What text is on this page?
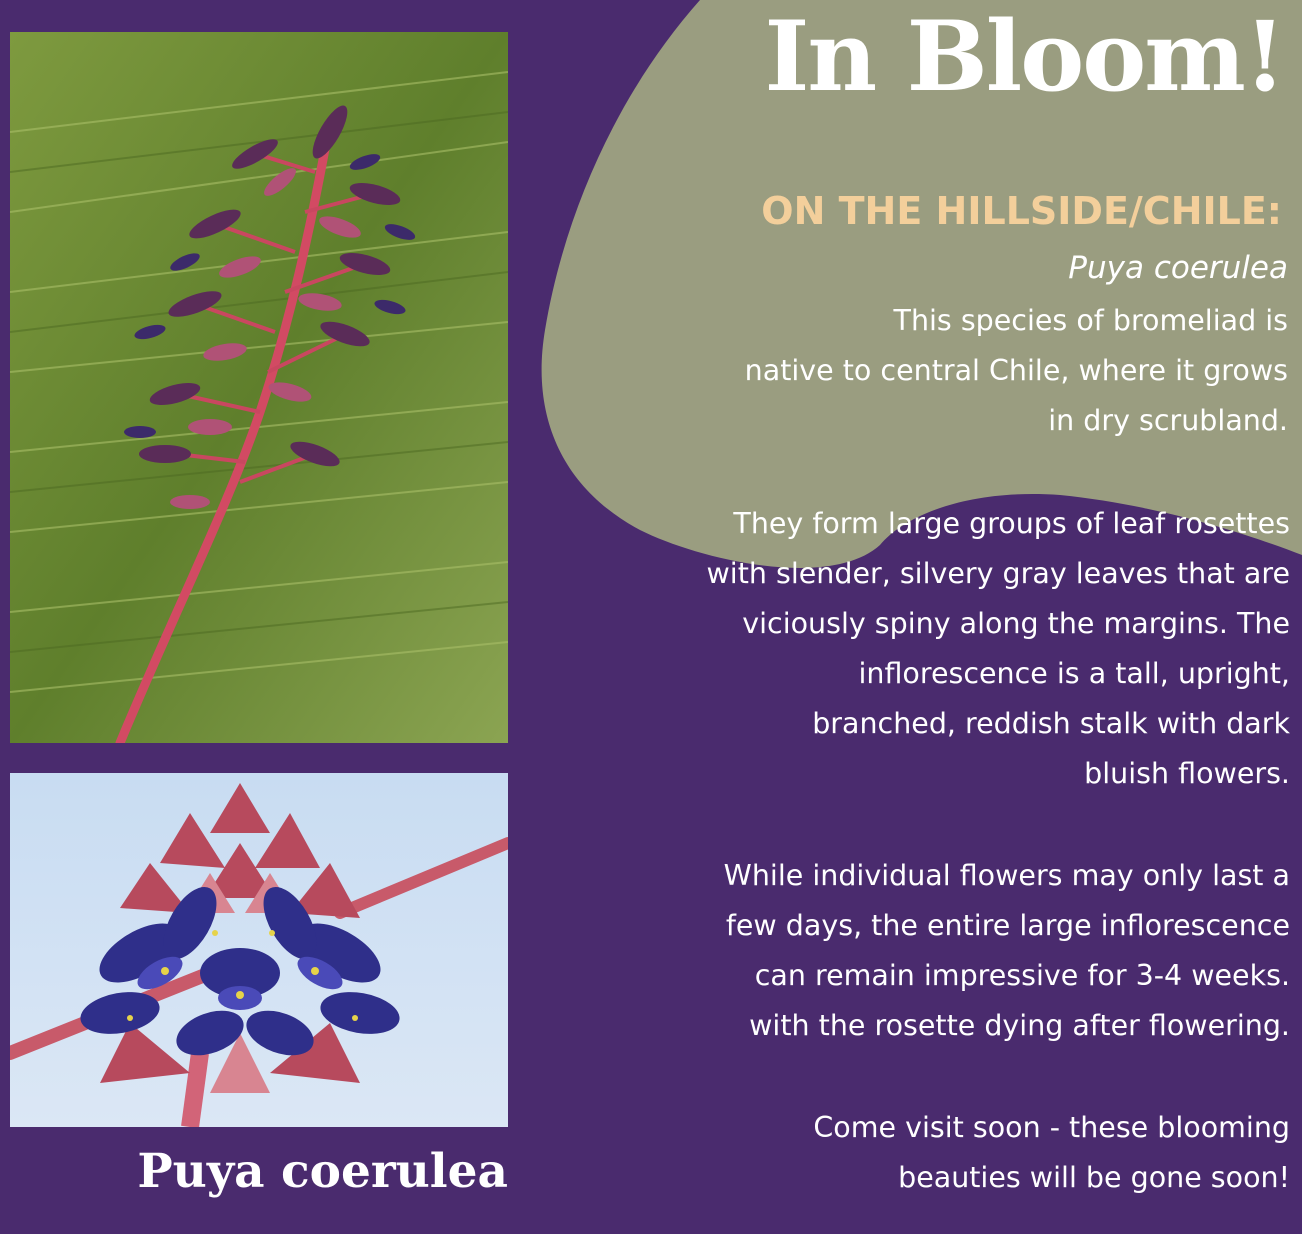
In Bloom!
ON THE HILLSIDE/CHILE:
Puya coerulea
This species of bromeliad is
native to central Chile, where it grows
in dry scrubland.
They form large groups of leaf rosettes
with slender, silvery gray leaves that are
viciously spiny along the margins. The
inflorescence is a tall, upright,
branched, reddish stalk with dark
bluish flowers.
While individual flowers may only last a
few days, the entire large inflorescence
can remain impressive for 3-4 weeks.
with the rosette dying after flowering.
Come visit soon - these blooming
beauties will be gone soon!
Puya coerulea
